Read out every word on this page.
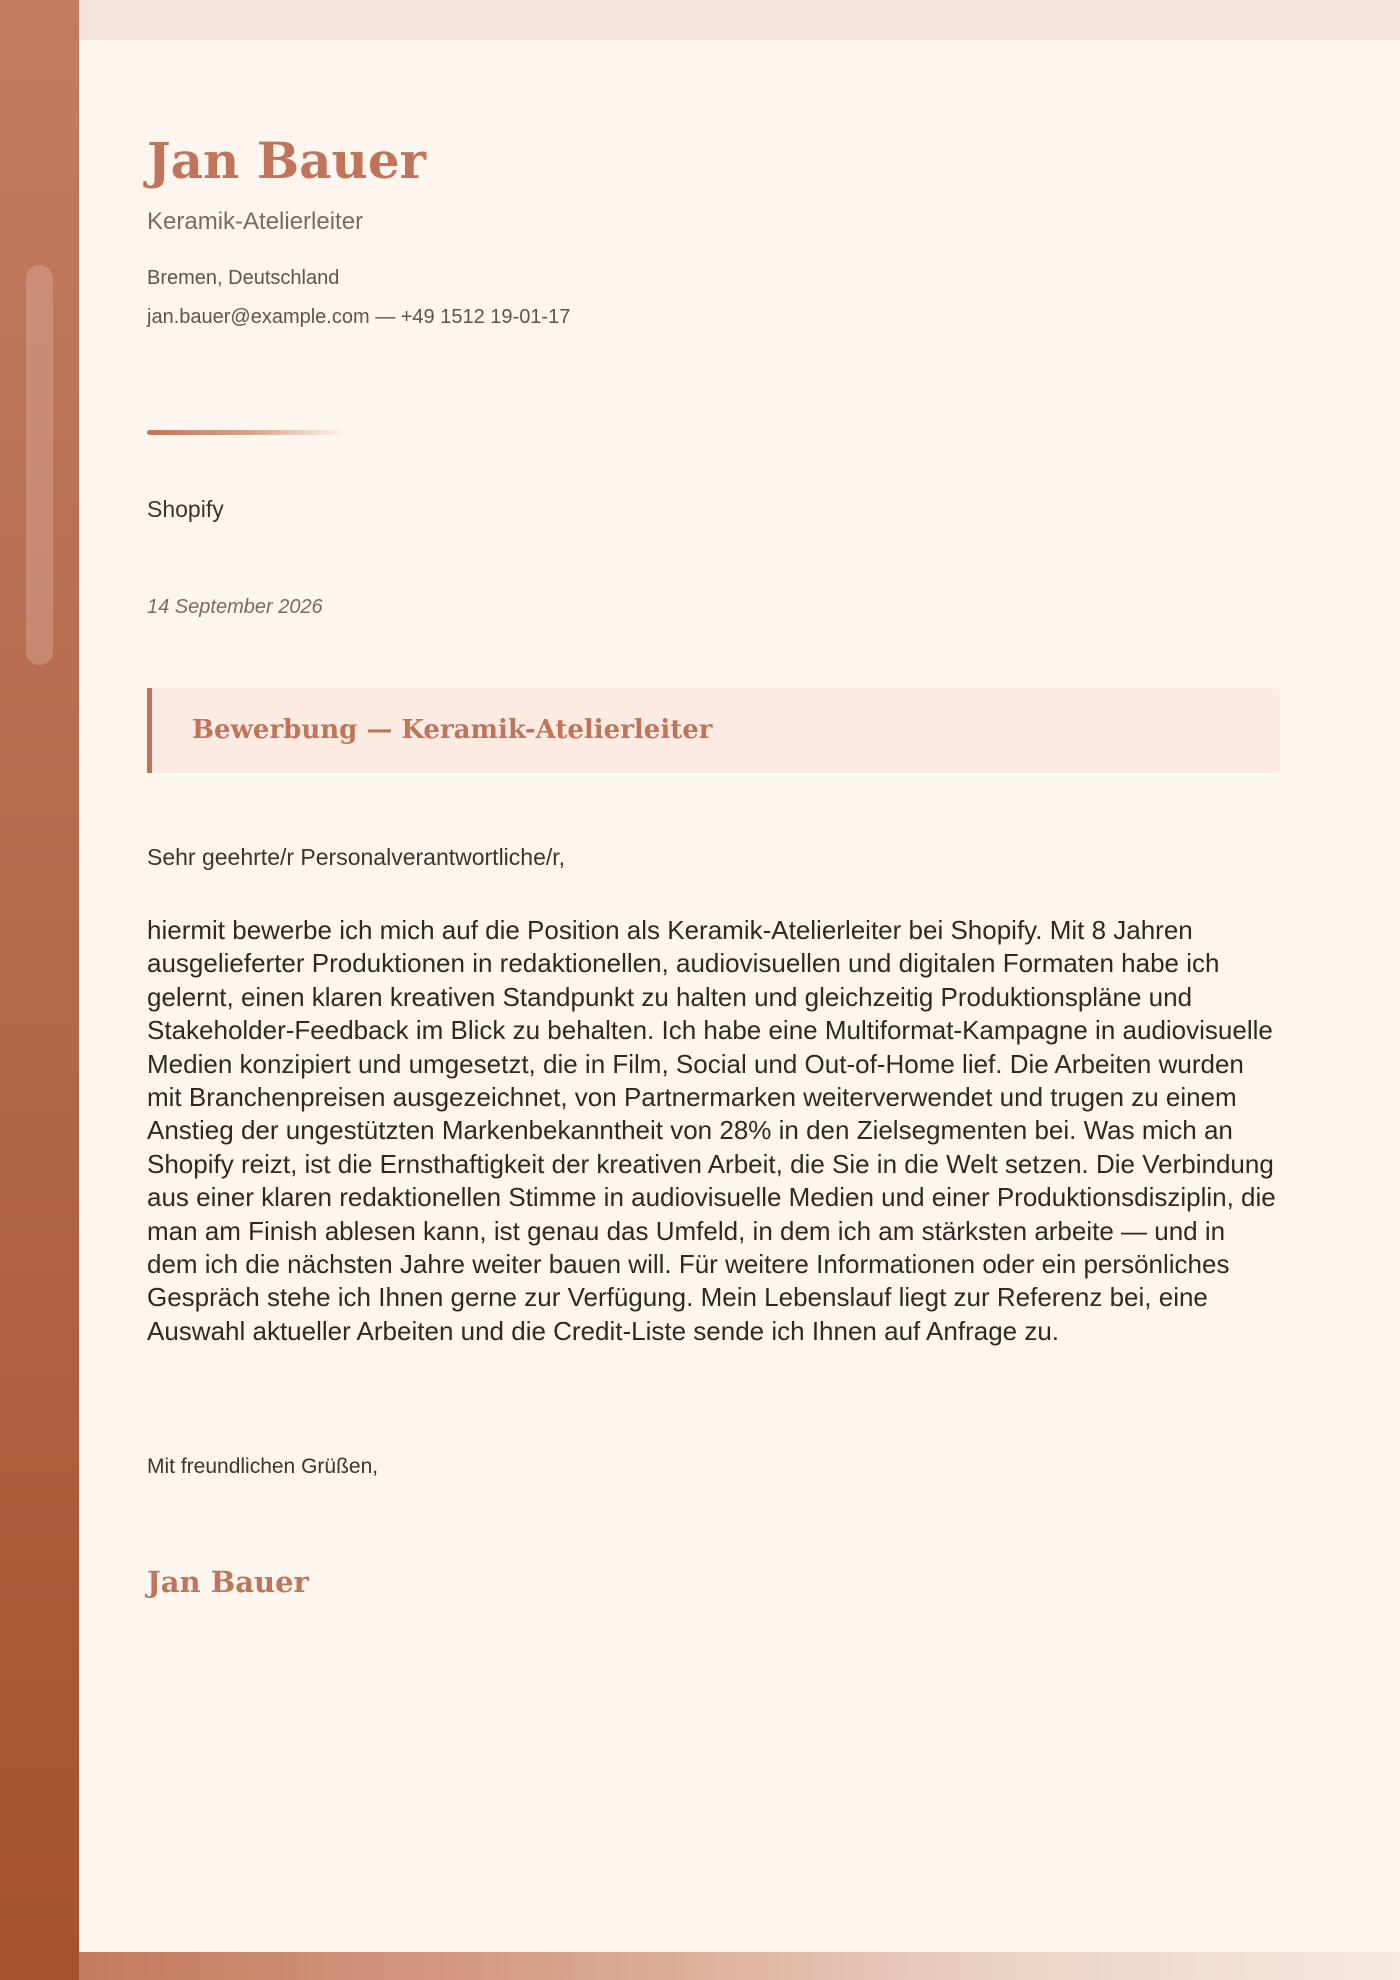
Jan Bauer
Keramik-Atelierleiter
Bremen, Deutschland
jan.bauer@example.com — +49 1512 19-01-17
Shopify
14 September 2026
Bewerbung — Keramik-Atelierleiter
Sehr geehrte/r Personalverantwortliche/r,

hiermit bewerbe ich mich auf die Position als Keramik-Atelierleiter bei Shopify. Mit 8 Jahren ausgelieferter Produktionen in redaktionellen, audiovisuellen und digitalen Formaten habe ich gelernt, einen klaren kreativen Standpunkt zu halten und gleichzeitig Produktionspläne und Stakeholder-Feedback im Blick zu behalten. Ich habe eine Multiformat-Kampagne in audiovisuelle Medien konzipiert und umgesetzt, die in Film, Social und Out-of-Home lief. Die Arbeiten wurden mit Branchenpreisen ausgezeichnet, von Partnermarken weiterverwendet und trugen zu einem Anstieg der ungestützten Markenbekanntheit von 28% in den Zielsegmenten bei. Was mich an Shopify reizt, ist die Ernsthaftigkeit der kreativen Arbeit, die Sie in die Welt setzen. Die Verbindung aus einer klaren redaktionellen Stimme in audiovisuelle Medien und einer Produktionsdisziplin, die man am Finish ablesen kann, ist genau das Umfeld, in dem ich am stärksten arbeite — und in dem ich die nächsten Jahre weiter bauen will. Für weitere Informationen oder ein persönliches Gespräch stehe ich Ihnen gerne zur Verfügung. Mein Lebenslauf liegt zur Referenz bei, eine Auswahl aktueller Arbeiten und die Credit-Liste sende ich Ihnen auf Anfrage zu.

Mit freundlichen Grüßen,
Jan Bauer
